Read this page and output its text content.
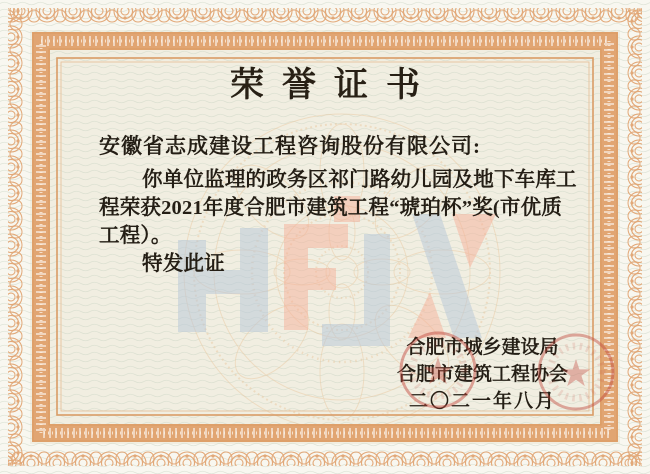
荣誉证书
安徽省志成建设工程咨询股份有限公司:
你单位监理的政务区祁门路幼儿园及地下车库工
程荣获2021年度合肥市建筑工程“琥珀杯”奖(市优质
工程）。
特发此证
合肥市城乡建设局
合肥市建筑工程协会
二〇二一年八月
